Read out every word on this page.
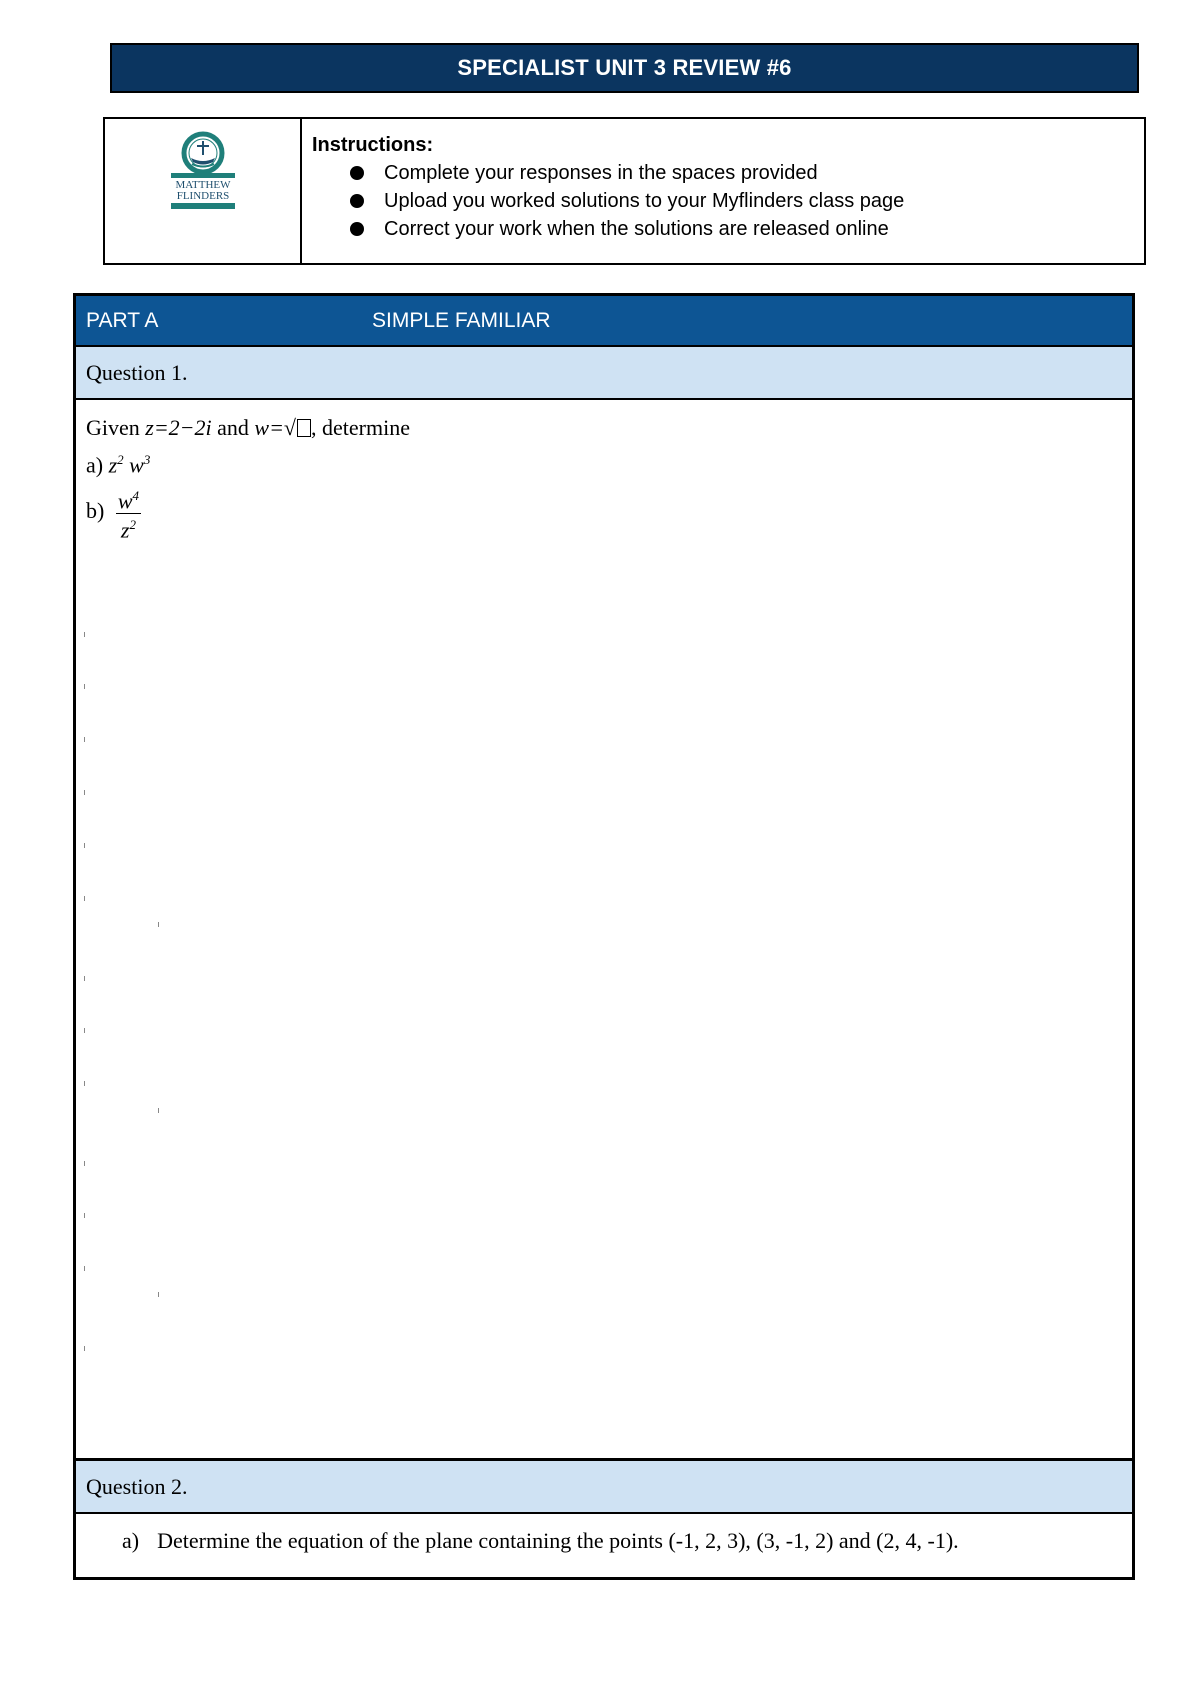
SPECIALIST UNIT 3 REVIEW #6
MATTHEW
FLINDERS

Instructions:

Complete your responses in the spaces provided
Upload you worked solutions to your Myflinders class page
Correct your work when the solutions are released online
PART A	SIMPLE FAMILIAR
Question 1.
Given z=2−2i and w=√ , determine
a) $z^2$ $w^3$
$b) \frac{w^4}{z^2}$
Question 2.
a) Determine the equation of the plane containing the points (-1, 2, 3), (3, -1, 2) and (2, 4, -1).
